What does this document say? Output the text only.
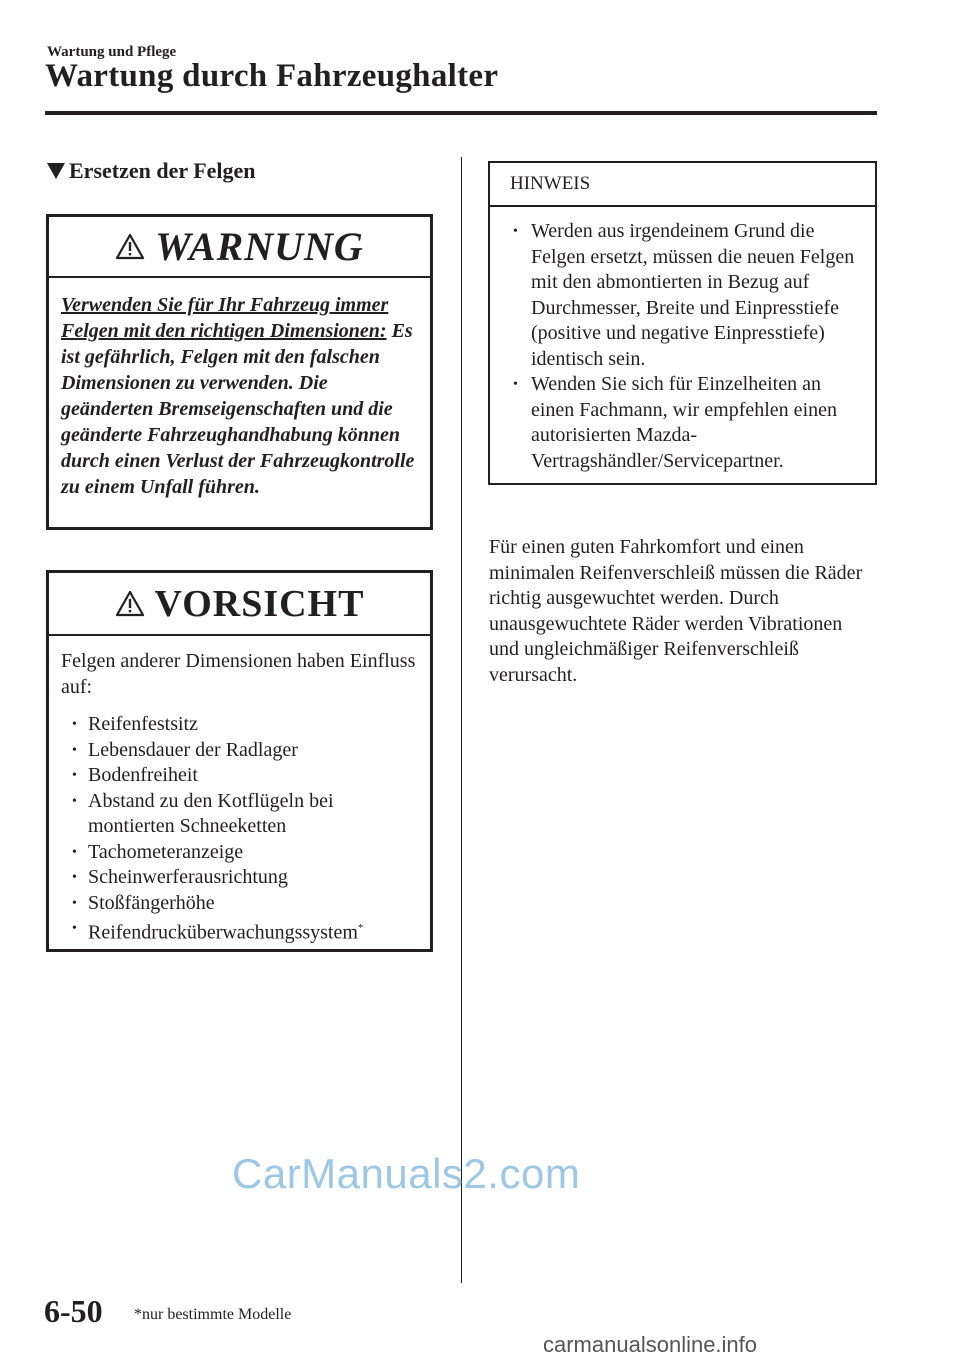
Wartung und Pflege
Wartung durch Fahrzeughalter
Ersetzen der Felgen
WARNUNG
Verwenden Sie für Ihr Fahrzeug immer Felgen mit den richtigen Dimensionen: Es ist gefährlich, Felgen mit den falschen Dimensionen zu verwenden. Die geänderten Bremseigenschaften und die geänderte Fahrzeughandhabung können durch einen Verlust der Fahrzeugkontrolle zu einem Unfall führen.
VORSICHT
Felgen anderer Dimensionen haben Einfluss auf:
• Reifenfestsitz
• Lebensdauer der Radlager
• Bodenfreiheit
• Abstand zu den Kotflügeln bei montierten Schneeketten
• Tachometeranzeige
• Scheinwerferausrichtung
• Stoßfängerhöhe
• Reifendrucküberwachungssystem*
HINWEIS
• Werden aus irgendeinem Grund die Felgen ersetzt, müssen die neuen Felgen mit den abmontierten in Bezug auf Durchmesser, Breite und Einpresstiefe (positive und negative Einpresstiefe) identisch sein.
• Wenden Sie sich für Einzelheiten an einen Fachmann, wir empfehlen einen autorisierten Mazda-Vertragshändler/Servicepartner.
Für einen guten Fahrkomfort und einen minimalen Reifenverschleiß müssen die Räder richtig ausgewuchtet werden. Durch unausgewuchtete Räder werden Vibrationen und ungleichmäßiger Reifenverschleiß verursacht.
CarManuals2.com
6-50 *nur bestimmte Modelle
carmanualsonline.info
